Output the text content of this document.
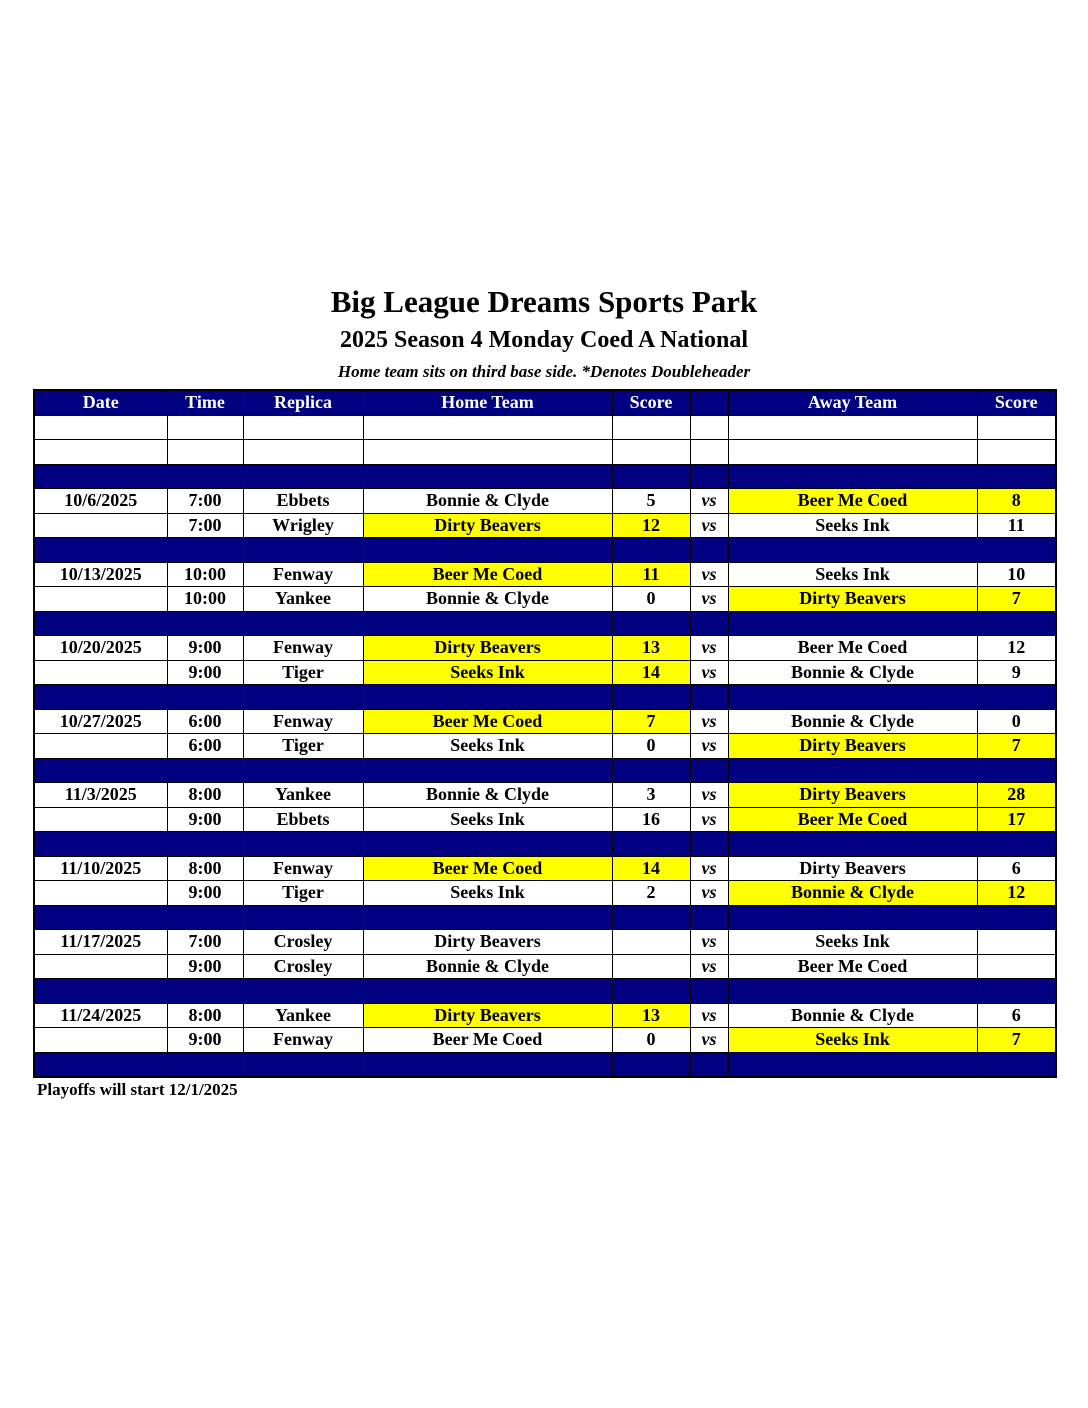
Big League Dreams Sports Park
2025 Season 4 Monday Coed A National
Home team sits on third base side. *Denotes Doubleheader
Date	Time	Replica	Home Team	Score		Away Team	Score

10/6/2025	7:00	Ebbets	Bonnie & Clyde	5	vs	Beer Me Coed	8
	7:00	Wrigley	Dirty Beavers	12	vs	Seeks Ink	11

10/13/2025	10:00	Fenway	Beer Me Coed	11	vs	Seeks Ink	10
	10:00	Yankee	Bonnie & Clyde	0	vs	Dirty Beavers	7

10/20/2025	9:00	Fenway	Dirty Beavers	13	vs	Beer Me Coed	12
	9:00	Tiger	Seeks Ink	14	vs	Bonnie & Clyde	9

10/27/2025	6:00	Fenway	Beer Me Coed	7	vs	Bonnie & Clyde	0
	6:00	Tiger	Seeks Ink	0	vs	Dirty Beavers	7

11/3/2025	8:00	Yankee	Bonnie & Clyde	3	vs	Dirty Beavers	28
	9:00	Ebbets	Seeks Ink	16	vs	Beer Me Coed	17

11/10/2025	8:00	Fenway	Beer Me Coed	14	vs	Dirty Beavers	6
	9:00	Tiger	Seeks Ink	2	vs	Bonnie & Clyde	12

11/17/2025	7:00	Crosley	Dirty Beavers		vs	Seeks Ink	
	9:00	Crosley	Bonnie & Clyde		vs	Beer Me Coed	

11/24/2025	8:00	Yankee	Dirty Beavers	13	vs	Bonnie & Clyde	6
	9:00	Fenway	Beer Me Coed	0	vs	Seeks Ink	7

Playoffs will start 12/1/2025
